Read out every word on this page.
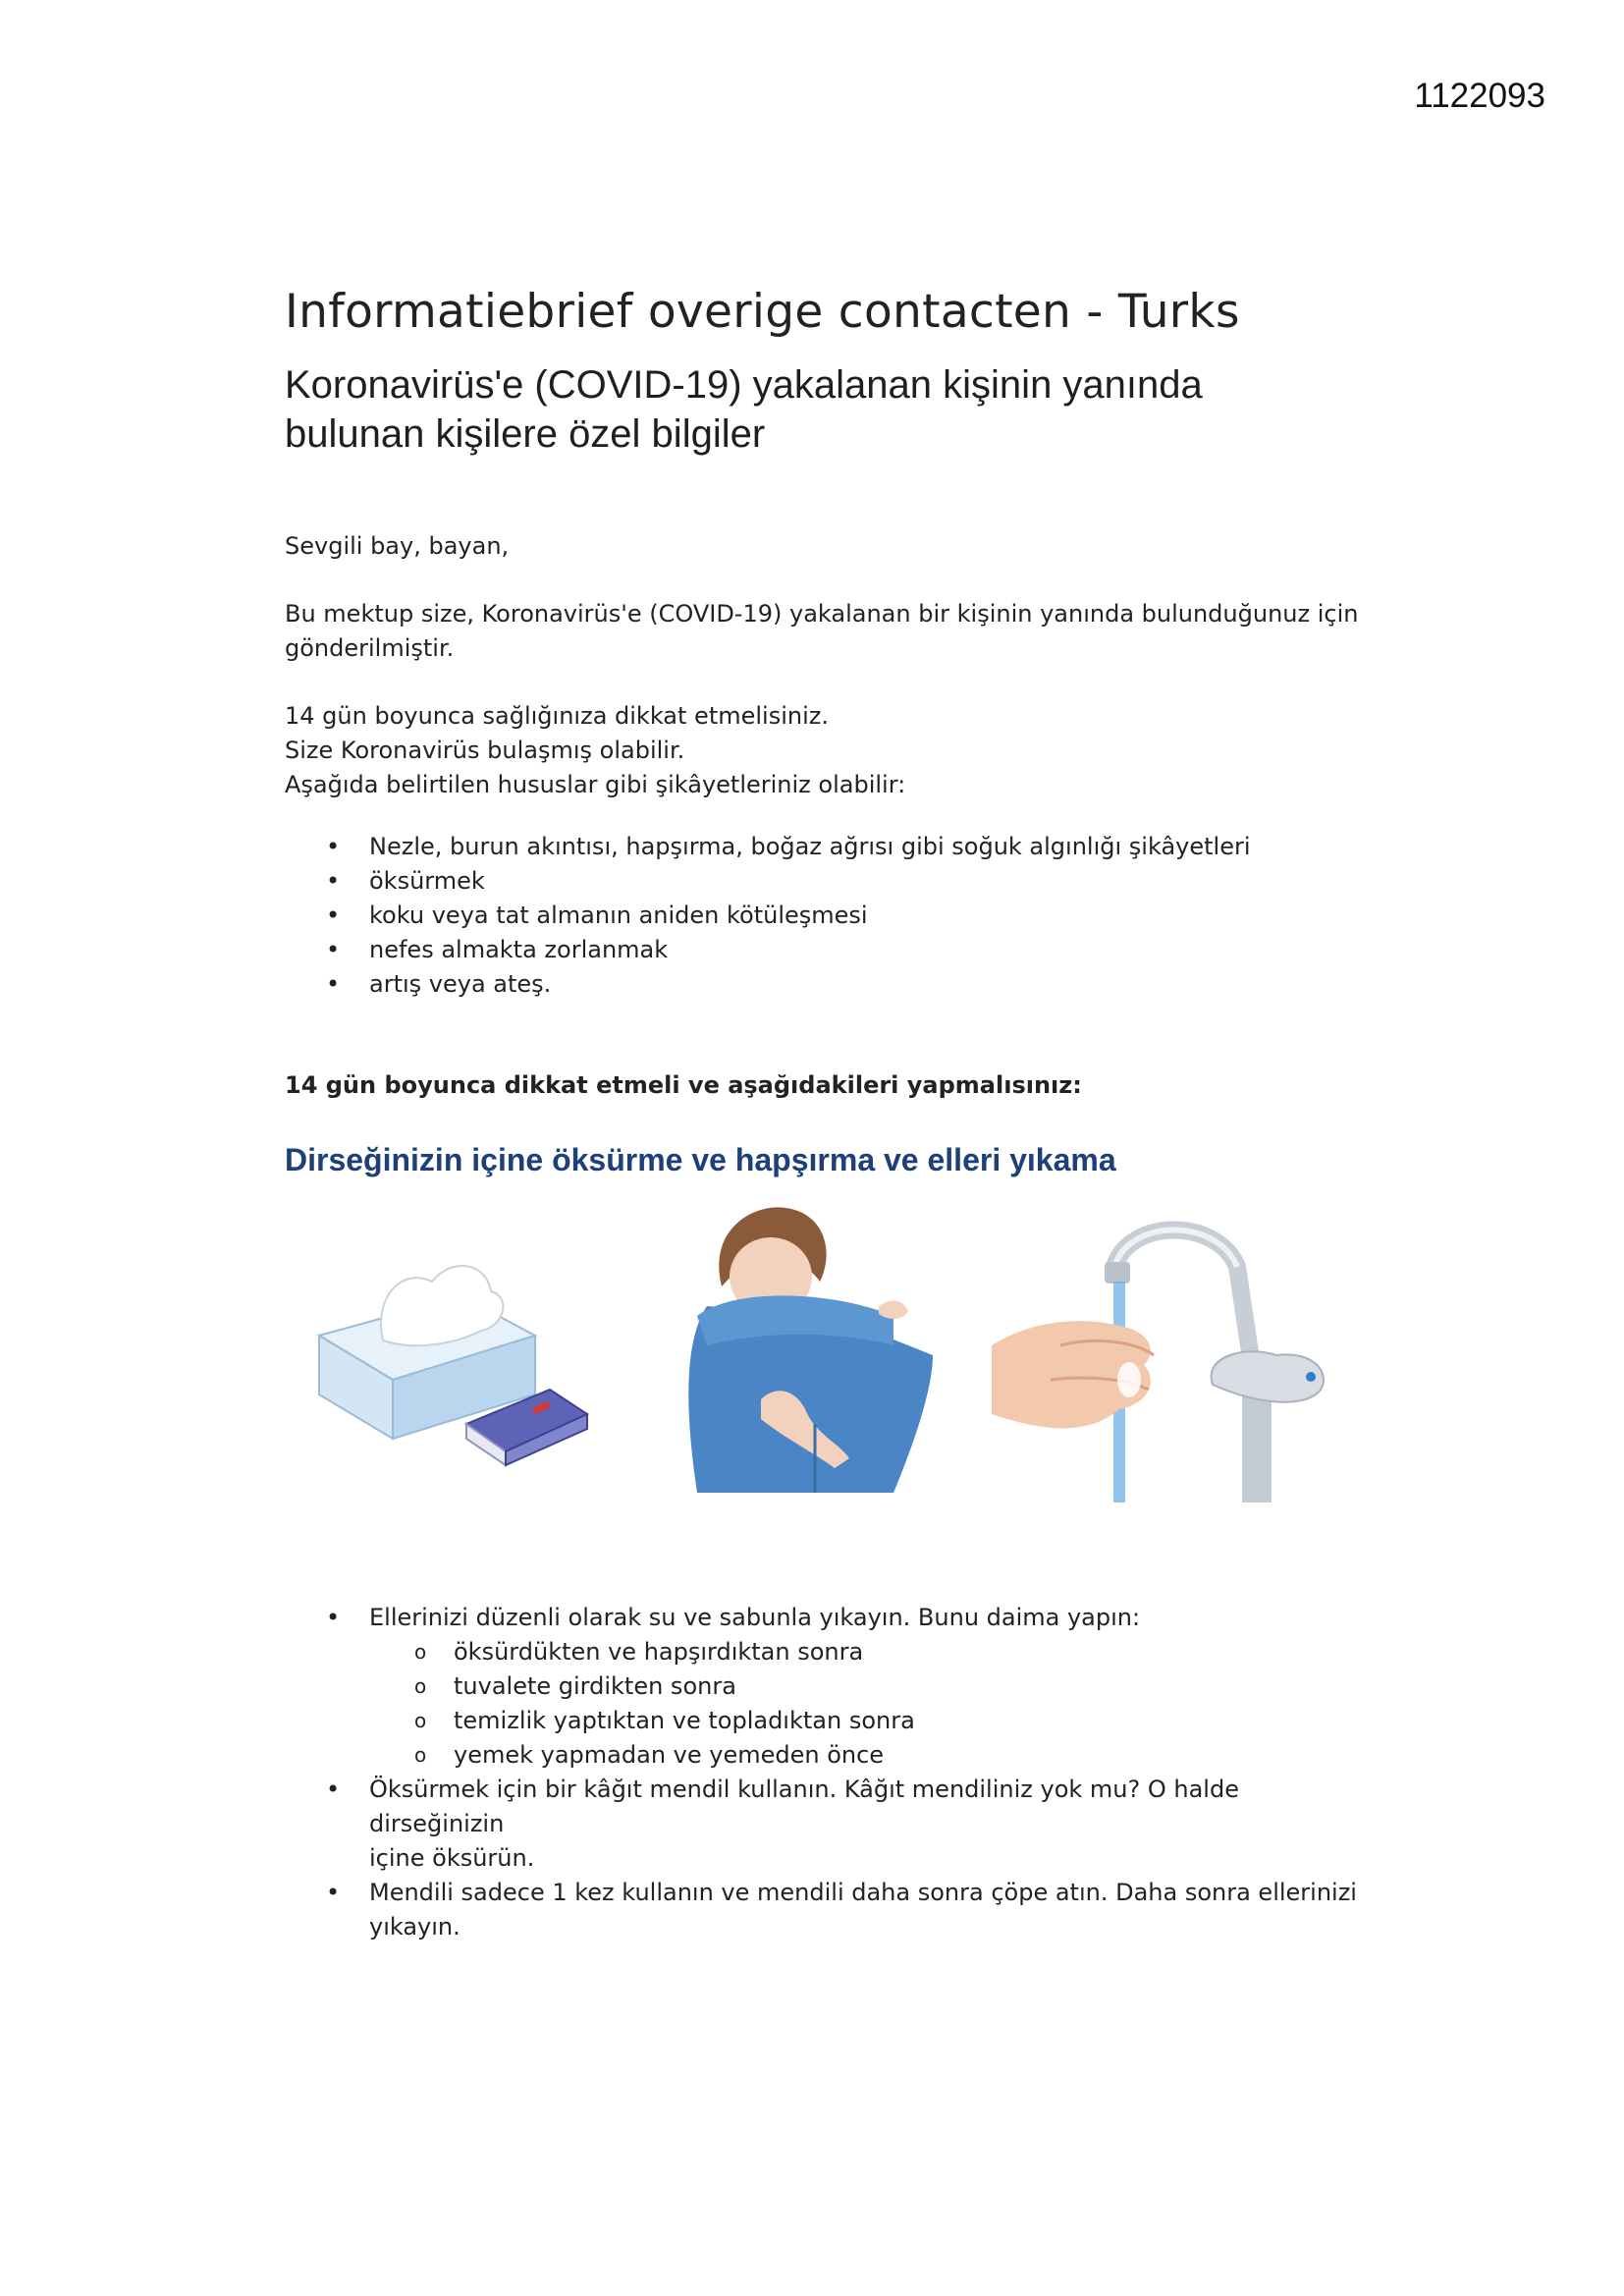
1122093
Informatiebrief overige contacten - Turks
Koronavirüs'e (COVID-19) yakalanan kişinin yanında
bulunan kişilere özel bilgiler

Sevgili bay, bayan,

Bu mektup size, Koronavirüs'e (COVID-19) yakalanan bir kişinin yanında bulunduğunuz için
gönderilmiştir.

14 gün boyunca sağlığınıza dikkat etmelisiniz.
Size Koronavirüs bulaşmış olabilir.
Aşağıda belirtilen hususlar gibi şikâyetleriniz olabilir:

• Nezle, burun akıntısı, hapşırma, boğaz ağrısı gibi soğuk algınlığı şikâyetleri
• öksürmek
• koku veya tat almanın aniden kötüleşmesi
• nefes almakta zorlanmak
• artış veya ateş.

14 gün boyunca dikkat etmeli ve aşağıdakileri yapmalısınız:

Dirseğinizin içine öksürme ve hapşırma ve elleri yıkama
• Ellerinizi düzenli olarak su ve sabunla yıkayın. Bunu daima yapın:
o öksürdükten ve hapşırdıktan sonra
o tuvalete girdikten sonra
o temizlik yaptıktan ve topladıktan sonra
o yemek yapmadan ve yemeden önce
• Öksürmek için bir kâğıt mendil kullanın. Kâğıt mendiliniz yok mu? O halde dirseğinizin
içine öksürün.
• Mendili sadece 1 kez kullanın ve mendili daha sonra çöpe atın. Daha sonra ellerinizi
yıkayın.
